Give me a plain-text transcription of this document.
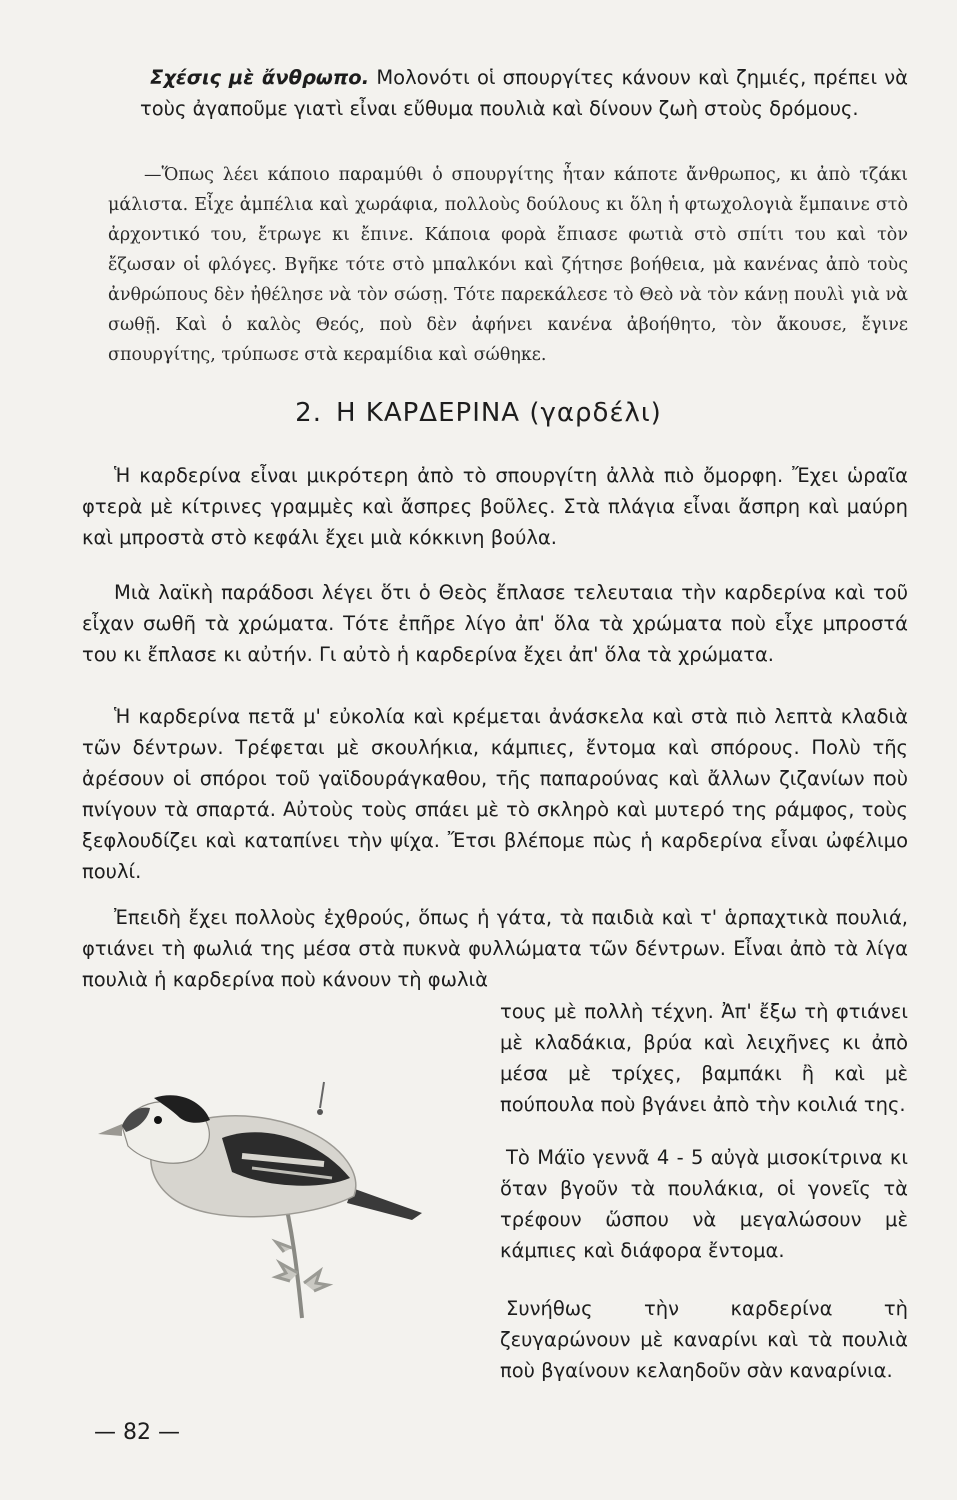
Σχέσις μὲ ἄνθρωπο. Μολονότι οἱ σπουργίτες κάνουν καὶ ζημιές, πρέπει νὰ τοὺς ἀγαποῦμε γιατὶ εἶναι εὔθυμα πουλιὰ καὶ δίνουν ζωὴ στοὺς δρόμους.

—Ὅπως λέει κάποιο παραμύθι ὁ σπουργίτης ἦταν κάποτε ἄνθρωπος, κι ἀπὸ τζάκι μάλιστα. Εἶχε ἀμπέλια καὶ χωράφια, πολλοὺς δούλους κι ὅλη ἡ φτωχολογιὰ ἔμπαινε στὸ ἀρχοντικό του, ἔτρωγε κι ἔπινε. Κάποια φορὰ ἔπιασε φωτιὰ στὸ σπίτι του καὶ τὸν ἔζωσαν οἱ φλόγες. Βγῆκε τότε στὸ μπαλκόνι καὶ ζήτησε βοήθεια, μὰ κανένας ἀπὸ τοὺς ἀνθρώπους δὲν ἠθέλησε νὰ τὸν σώσῃ. Τότε παρεκάλεσε τὸ Θεὸ νὰ τὸν κάνῃ πουλὶ γιὰ νὰ σωθῇ. Καὶ ὁ καλὸς Θεός, ποὺ δὲν ἀφήνει κανένα ἀβοήθητο, τὸν ἄκουσε, ἔγινε σπουργίτης, τρύπωσε στὰ κεραμίδια καὶ σώθηκε.

2. Η ΚΑΡΔΕΡΙΝΑ (γαρδέλι)

Ἡ καρδερίνα εἶναι μικρότερη ἀπὸ τὸ σπουργίτη ἀλλὰ πιὸ ὄμορφη. Ἔχει ὡραῖα φτερὰ μὲ κίτρινες γραμμὲς καὶ ἄσπρες βοῦλες. Στὰ πλάγια εἶναι ἄσπρη καὶ μαύρη καὶ μπροστὰ στὸ κεφάλι ἔχει μιὰ κόκκινη βούλα.

Μιὰ λαϊκὴ παράδοσι λέγει ὅτι ὁ Θεὸς ἔπλασε τελευταια τὴν καρδερίνα καὶ τοῦ εἶχαν σωθῆ τὰ χρώματα. Τότε ἐπῆρε λίγο ἀπ' ὅλα τὰ χρώματα ποὺ εἶχε μπροστά του κι ἔπλασε κι αὐτήν. Γι αὐτὸ ἡ καρδερίνα ἔχει ἀπ' ὅλα τὰ χρώματα.

Ἡ καρδερίνα πετᾶ μ' εὐκολία καὶ κρέμεται ἀνάσκελα καὶ στὰ πιὸ λεπτὰ κλαδιὰ τῶν δέντρων. Τρέφεται μὲ σκουλήκια, κάμπιες, ἔντομα καὶ σπόρους. Πολὺ τῆς ἀρέσουν οἱ σπόροι τοῦ γαϊδουράγκαθου, τῆς παπαρούνας καὶ ἄλλων ζιζανίων ποὺ πνίγουν τὰ σπαρτά. Αὐτοὺς τοὺς σπάει μὲ τὸ σκληρὸ καὶ μυτερό της ράμφος, τοὺς ξεφλουδίζει καὶ καταπίνει τὴν ψίχα. Ἔτσι βλέπομε πὼς ἡ καρδερίνα εἶναι ὠφέλιμο πουλί.

Ἐπειδὴ ἔχει πολλοὺς ἐχθρούς, ὅπως ἡ γάτα, τὰ παιδιὰ καὶ τ' ἁρπαχτικὰ πουλιά, φτιάνει τὴ φωλιά της μέσα στὰ πυκνὰ φυλλώματα τῶν δέντρων. Εἶναι ἀπὸ τὰ λίγα πουλιὰ ἡ καρδερίνα ποὺ κάνουν τὴ φωλιὰ

τους μὲ πολλὴ τέχνη. Ἀπ' ἔξω τὴ φτιάνει μὲ κλαδάκια, βρύα καὶ λειχῆνες κι ἀπὸ μέσα μὲ τρίχες, βαμπάκι ἢ καὶ μὲ πούπουλα ποὺ βγάνει ἀπὸ τὴν κοιλιά της.

Τὸ Μάϊο γεννᾶ 4 - 5 αὐγὰ μισοκίτρινα κι ὅταν βγοῦν τὰ πουλάκια, οἱ γονεῖς τὰ τρέφουν ὥσπου νὰ μεγαλώσουν μὲ κάμπιες καὶ διάφορα ἔντομα.

Συνήθως τὴν καρδερίνα τὴ ζευγαρώνουν μὲ καναρίνι καὶ τὰ πουλιὰ ποὺ βγαίνουν κελαηδοῦν σὰν καναρίνια.

— 82 —
